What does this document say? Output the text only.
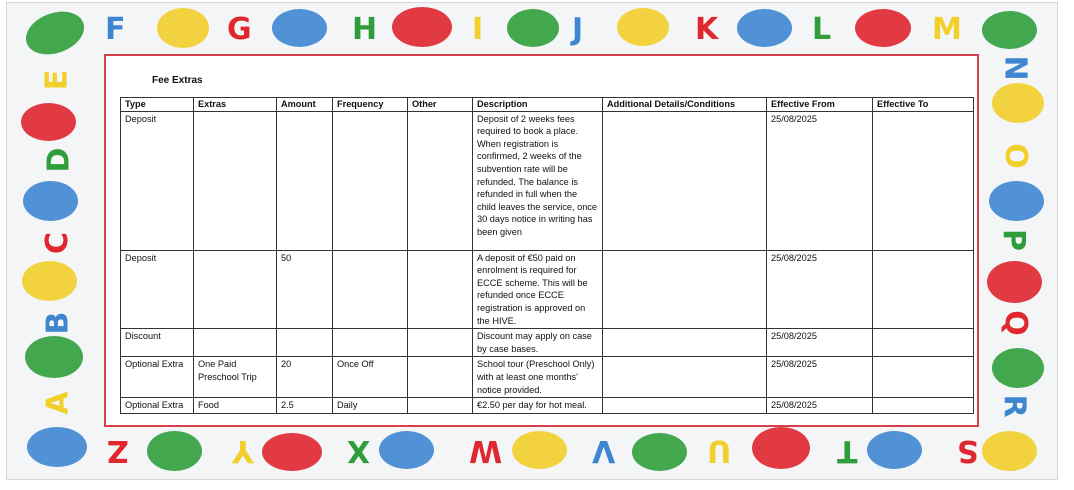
F	G	H	I	J	K	L	M
N
O
P
Q
R
S
T
U
V
W
X
Y
Z
A
B
C
D
E	Fee Extras
Type	Extras	Amount	Frequency	Other	Description	Additional Details/Conditions	Effective From	Effective To
Deposit					Deposit of 2 weeks fees required to book a place. When registration is confirmed, 2 weeks of the subvention rate will be refunded. The balance is refunded in full when the child leaves the service, once 30 days notice in writing has been given		25/08/2025	
Deposit		50			A deposit of €50 paid on enrolment is required for ECCE scheme. This will be refunded once ECCE registration is approved on the HIVE.		25/08/2025	
Discount					Discount may apply on case by case bases.		25/08/2025	
Optional Extra	One Paid Preschool Trip	20	Once Off		School tour (Preschool Only) with at least one months' notice provided.		25/08/2025	
Optional Extra	Food	2.5	Daily		€2.50 per day for hot meal.		25/08/2025	
